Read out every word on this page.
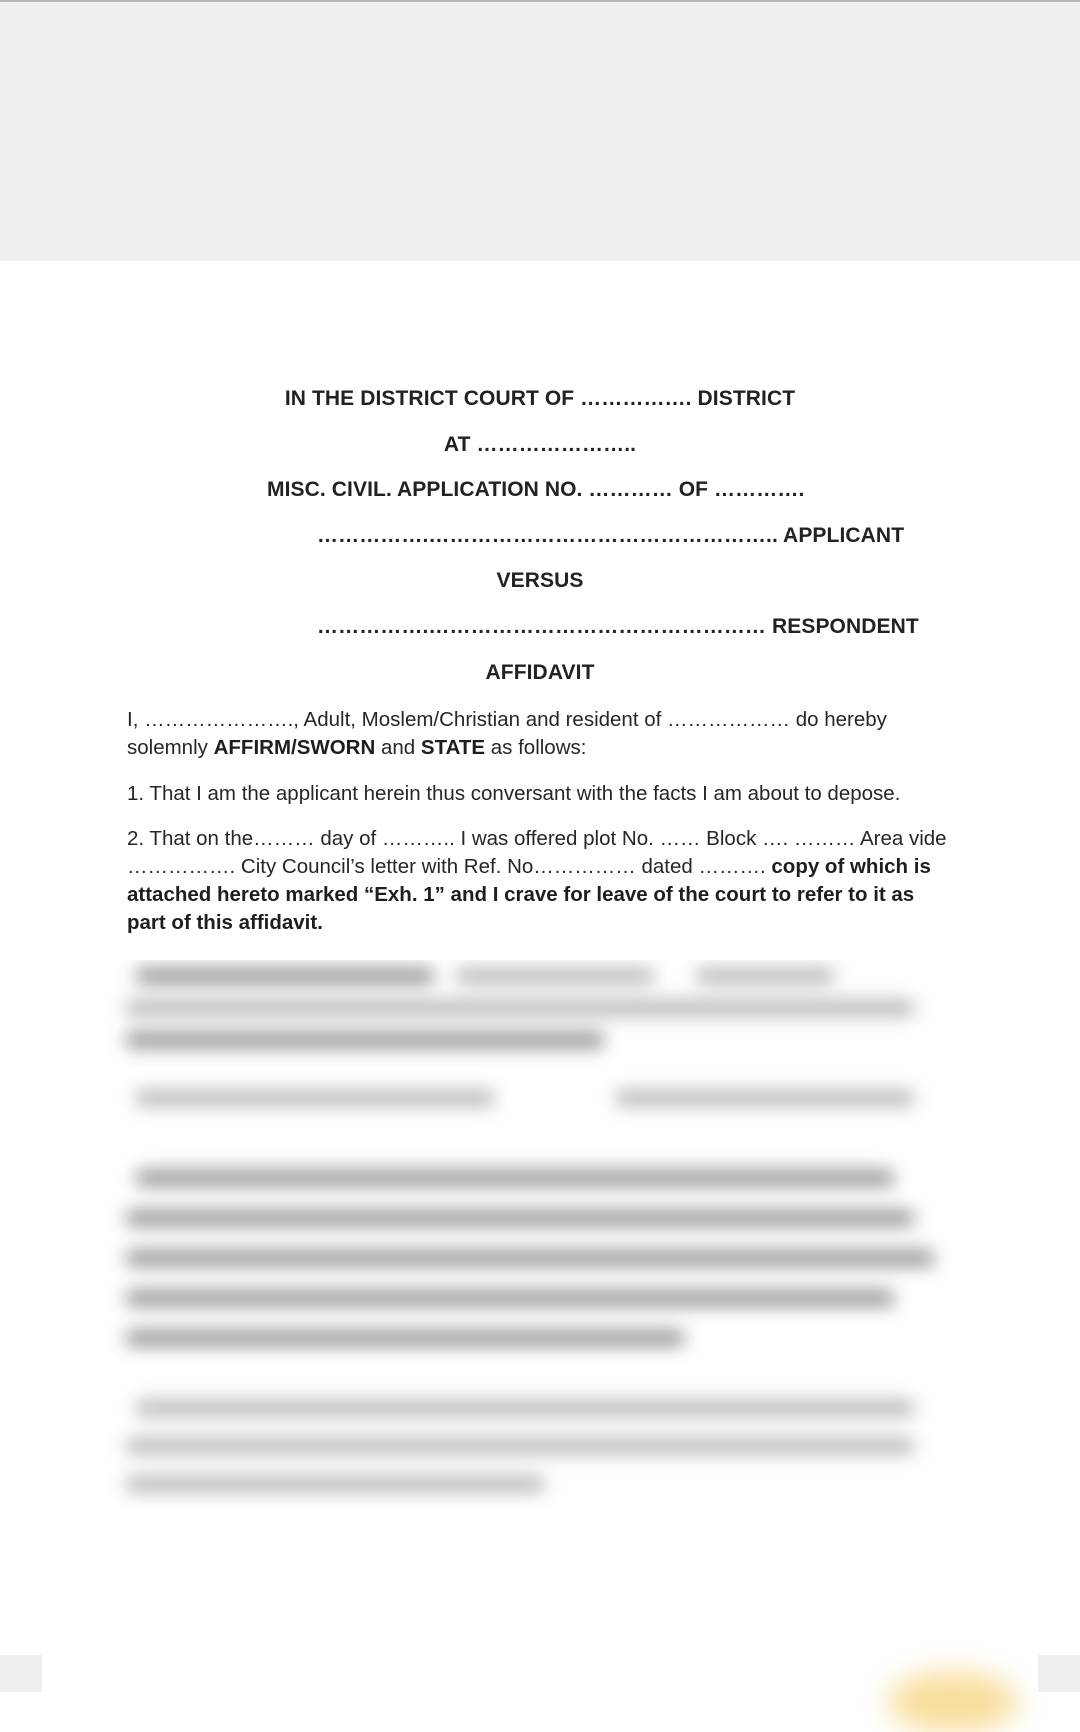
IN THE DISTRICT COURT OF ……………. DISTRICT
AT …………………..
MISC. CIVIL. APPLICATION NO. ………… OF ………….
…………….………………………………………….. APPLICANT
VERSUS
…………….………………………………………… RESPONDENT
AFFIDAVIT
I, …………………., Adult, Moslem/Christian and resident of ……………… do hereby solemnly AFFIRM/SWORN and STATE as follows:
1. That I am the applicant herein thus conversant with the facts I am about to depose.
2. That on the……… day of ……….. I was offered plot No. …… Block …. ……… Area vide ……………. City Council’s letter with Ref. No…………… dated ………. copy of which is attached hereto marked “Exh. 1” and I crave for leave of the court to refer to it as part of this affidavit.
